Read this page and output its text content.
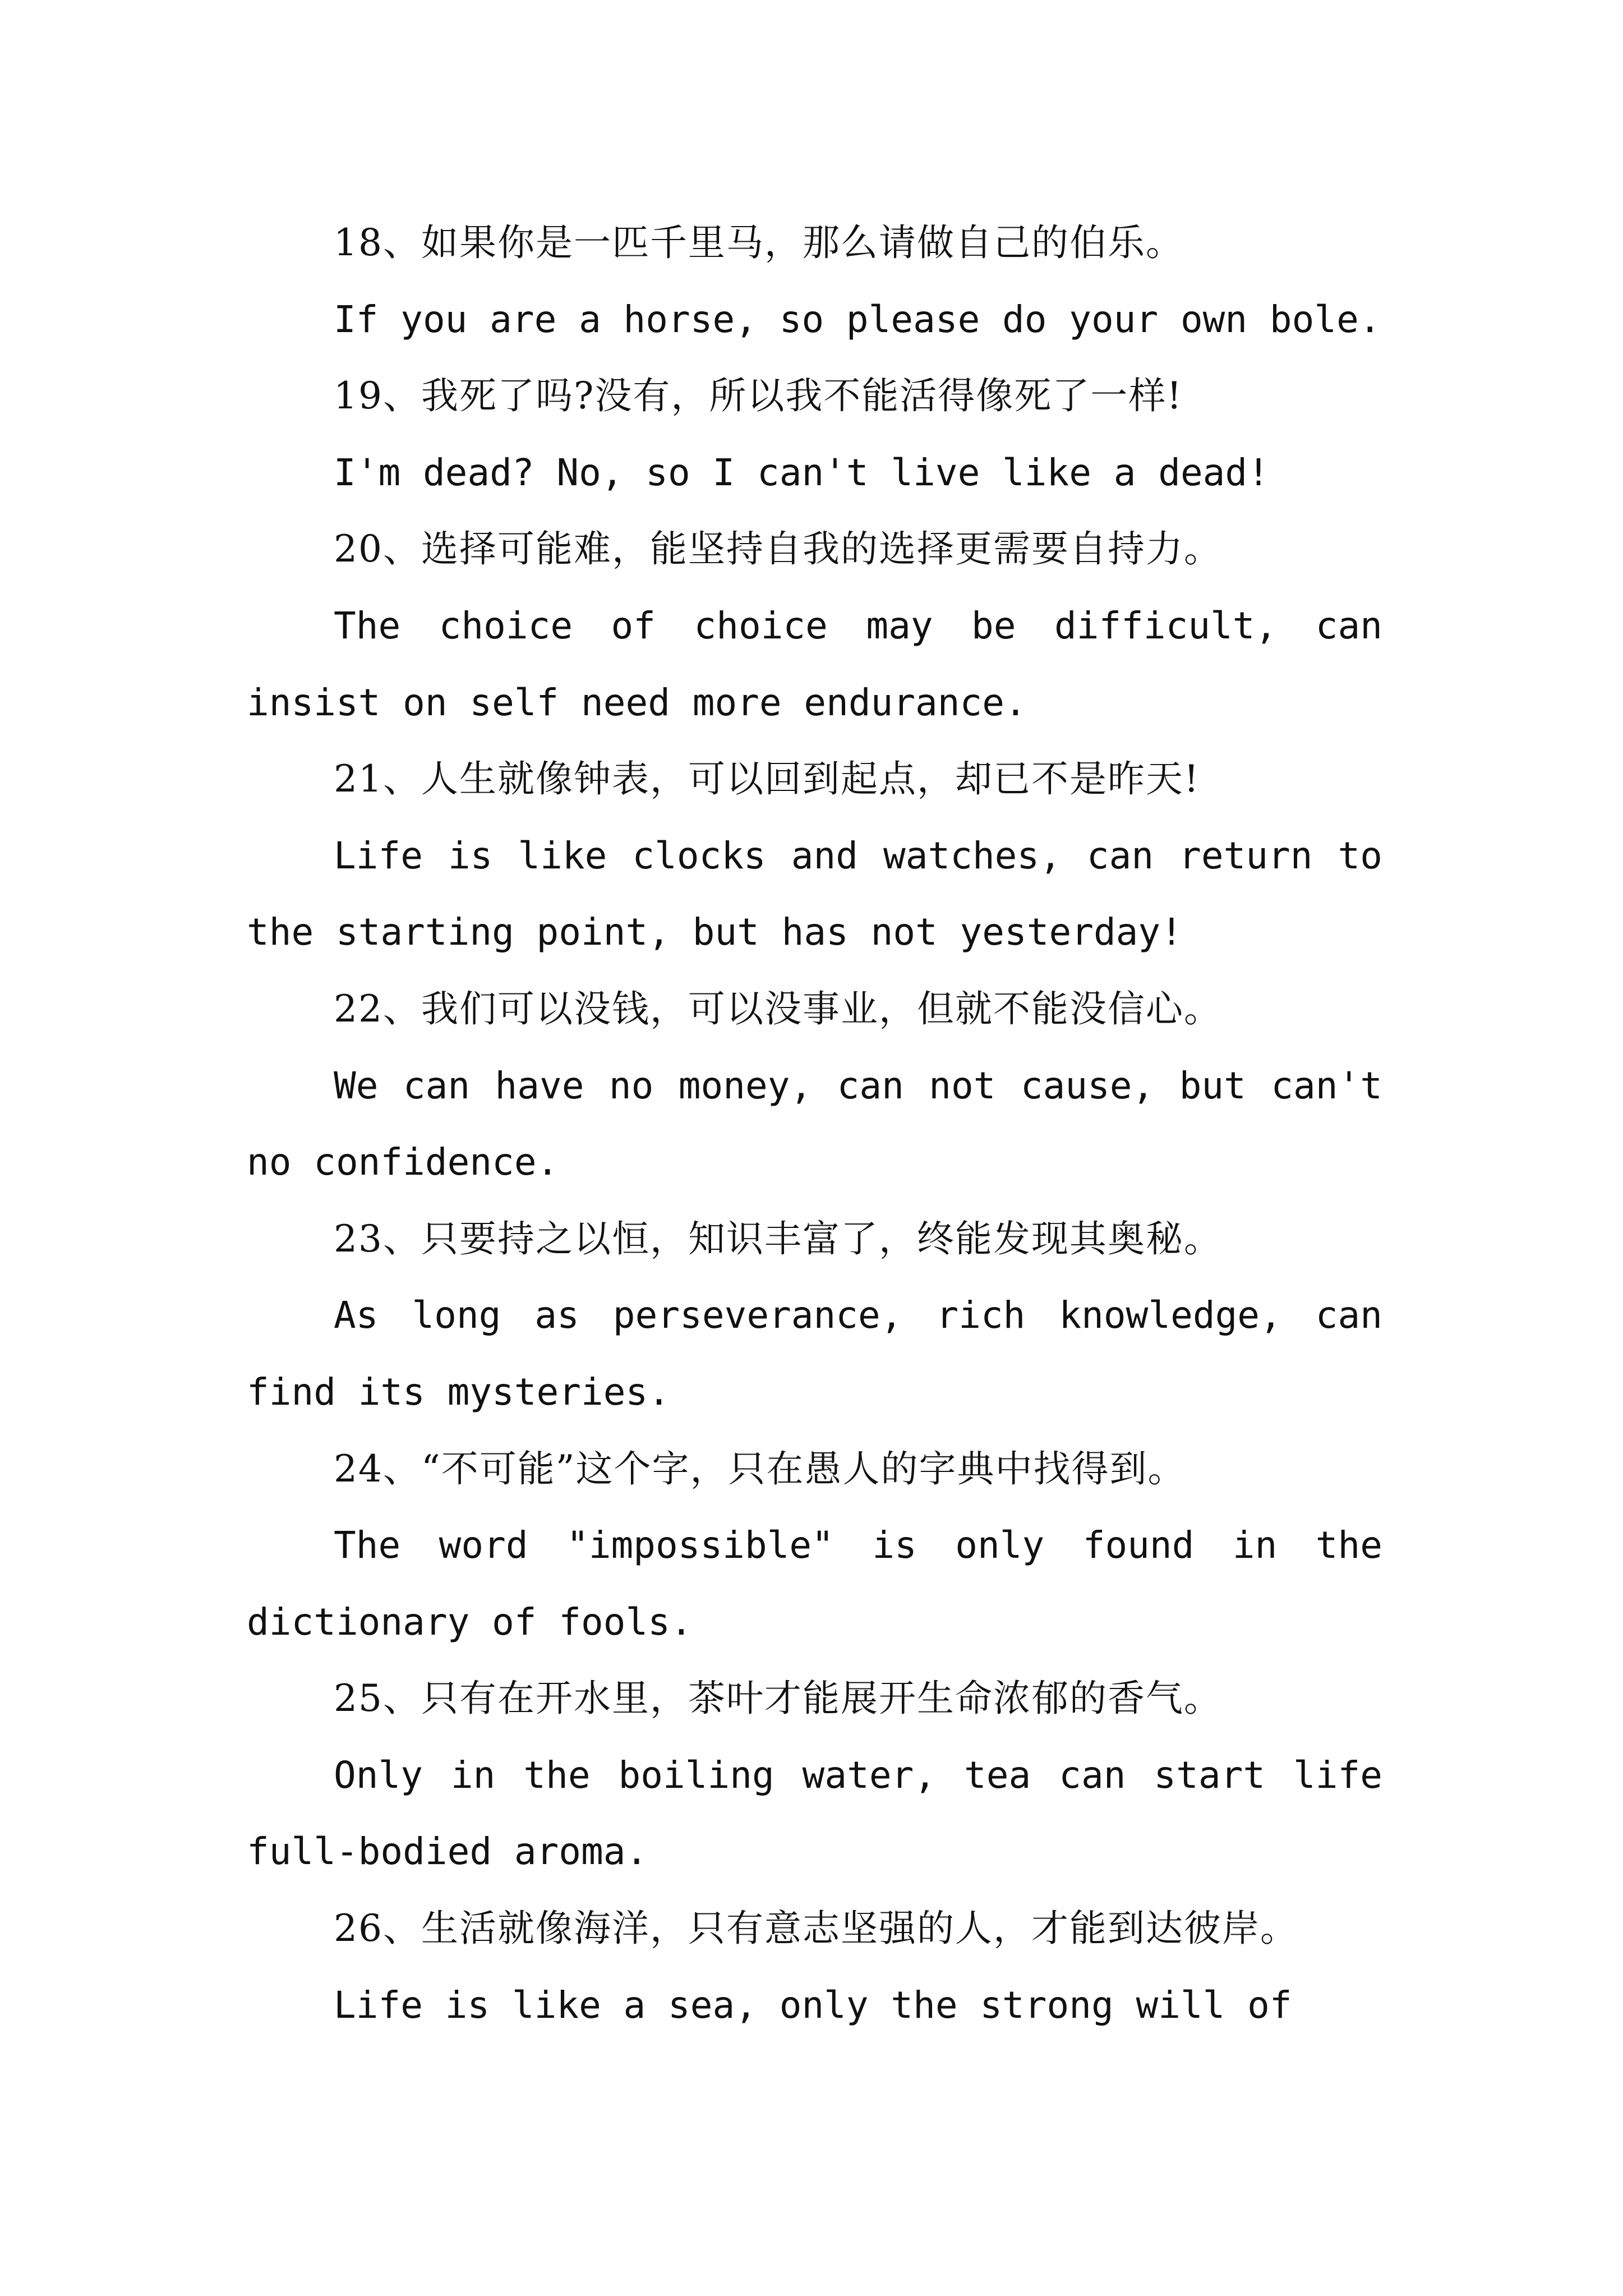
18、如果你是一匹千里马，那么请做自己的伯乐。

If you are a horse, so please do your own bole.

19、我死了吗?没有，所以我不能活得像死了一样!

I'm dead? No, so I can't live like a dead!

20、选择可能难，能坚持自我的选择更需要自持力。

The choice of choice may be difficult, can insist on self need more endurance.

21、人生就像钟表，可以回到起点，却已不是昨天!

Life is like clocks and watches, can return to the starting point, but has not yesterday!

22、我们可以没钱，可以没事业，但就不能没信心。

We can have no money, can not cause, but can't no confidence.

23、只要持之以恒，知识丰富了，终能发现其奥秘。

As long as perseverance, rich knowledge, can find its mysteries.

24、“不可能”这个字，只在愚人的字典中找得到。

The word "impossible" is only found in the dictionary of fools.

25、只有在开水里，茶叶才能展开生命浓郁的香气。

Only in the boiling water, tea can start life full-bodied aroma.

26、生活就像海洋，只有意志坚强的人，才能到达彼岸。

Life is like a sea, only the strong will of
